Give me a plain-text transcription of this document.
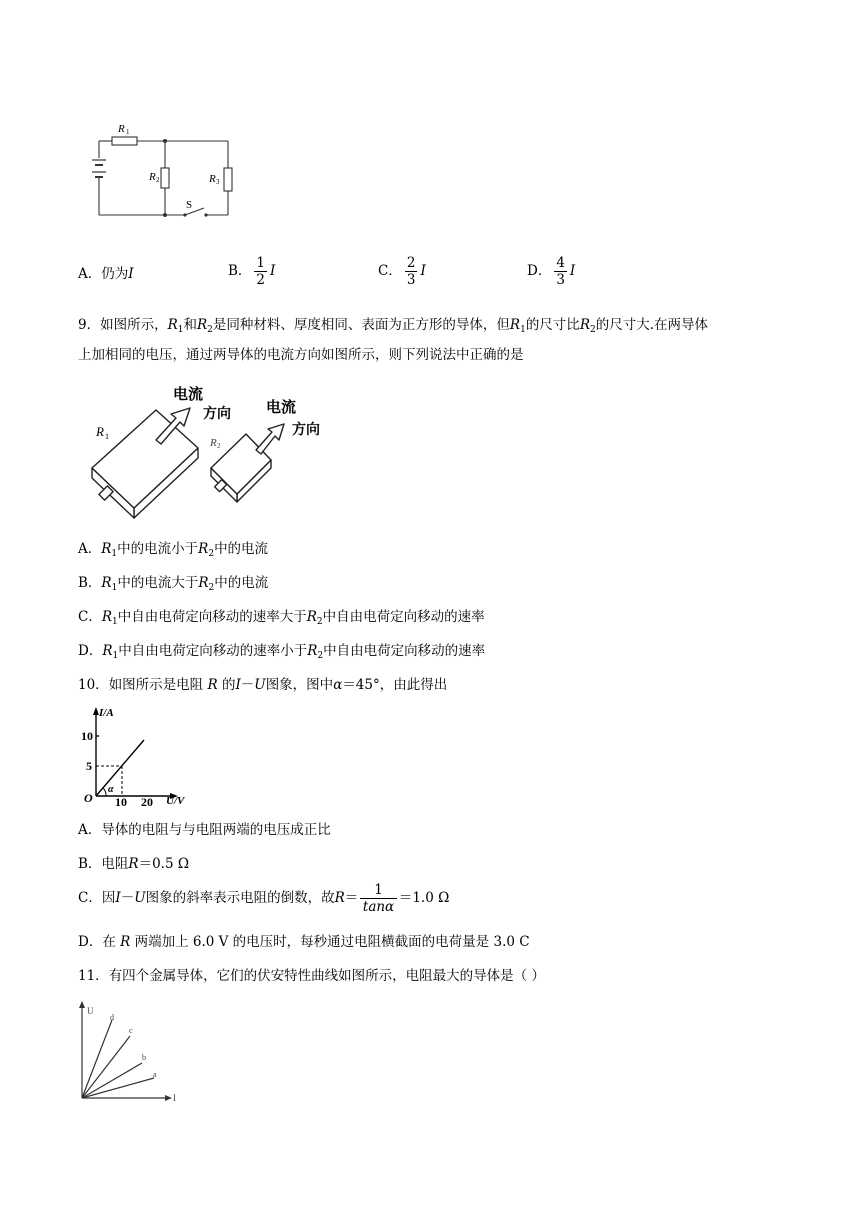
R 1
R 2	R 3
S
A．仍为I	B． $\frac{1}{2}$ I	C． $\frac{2}{3}$ I	D． $\frac{4}{3}$ I
9．如图所示，$R_1$和$R_2$是同种材料、厚度相同、表面为正方形的导体，但$R_1$的尺寸比$R_2$的尺寸大.在两导体
上加相同的电压，通过两导体的电流方向如图所示，则下列说法中正确的是
电流
方向 电流
方向
R 1
R 2
A．$R_1$中的电流小于$R_2$中的电流
B．$R_1$中的电流大于$R_2$中的电流
C．$R_1$中自由电荷定向移动的速率大于$R_2$中自由电荷定向移动的速率
D．$R_1$中自由电荷定向移动的速率小于$R_2$中自由电荷定向移动的速率
10．如图所示是电阻 R 的I－U图象，图中α＝45°，由此得出
I/A
U/V
O
10
5
10 20
α
A．导体的电阻与与电阻两端的电压成正比
B．电阻R＝0.5 Ω
C．因I－U图象的斜率表示电阻的倒数，故$R= \frac{1}{\tan\alpha} =1.0$ Ω
D．在 R 两端加上 6.0 V 的电压时，每秒通过电阻横截面的电荷量是 3.0 C
11．有四个金属导体，它们的伏安特性曲线如图所示，电阻最大的导体是（ ）
U
I
d
c
b
a
